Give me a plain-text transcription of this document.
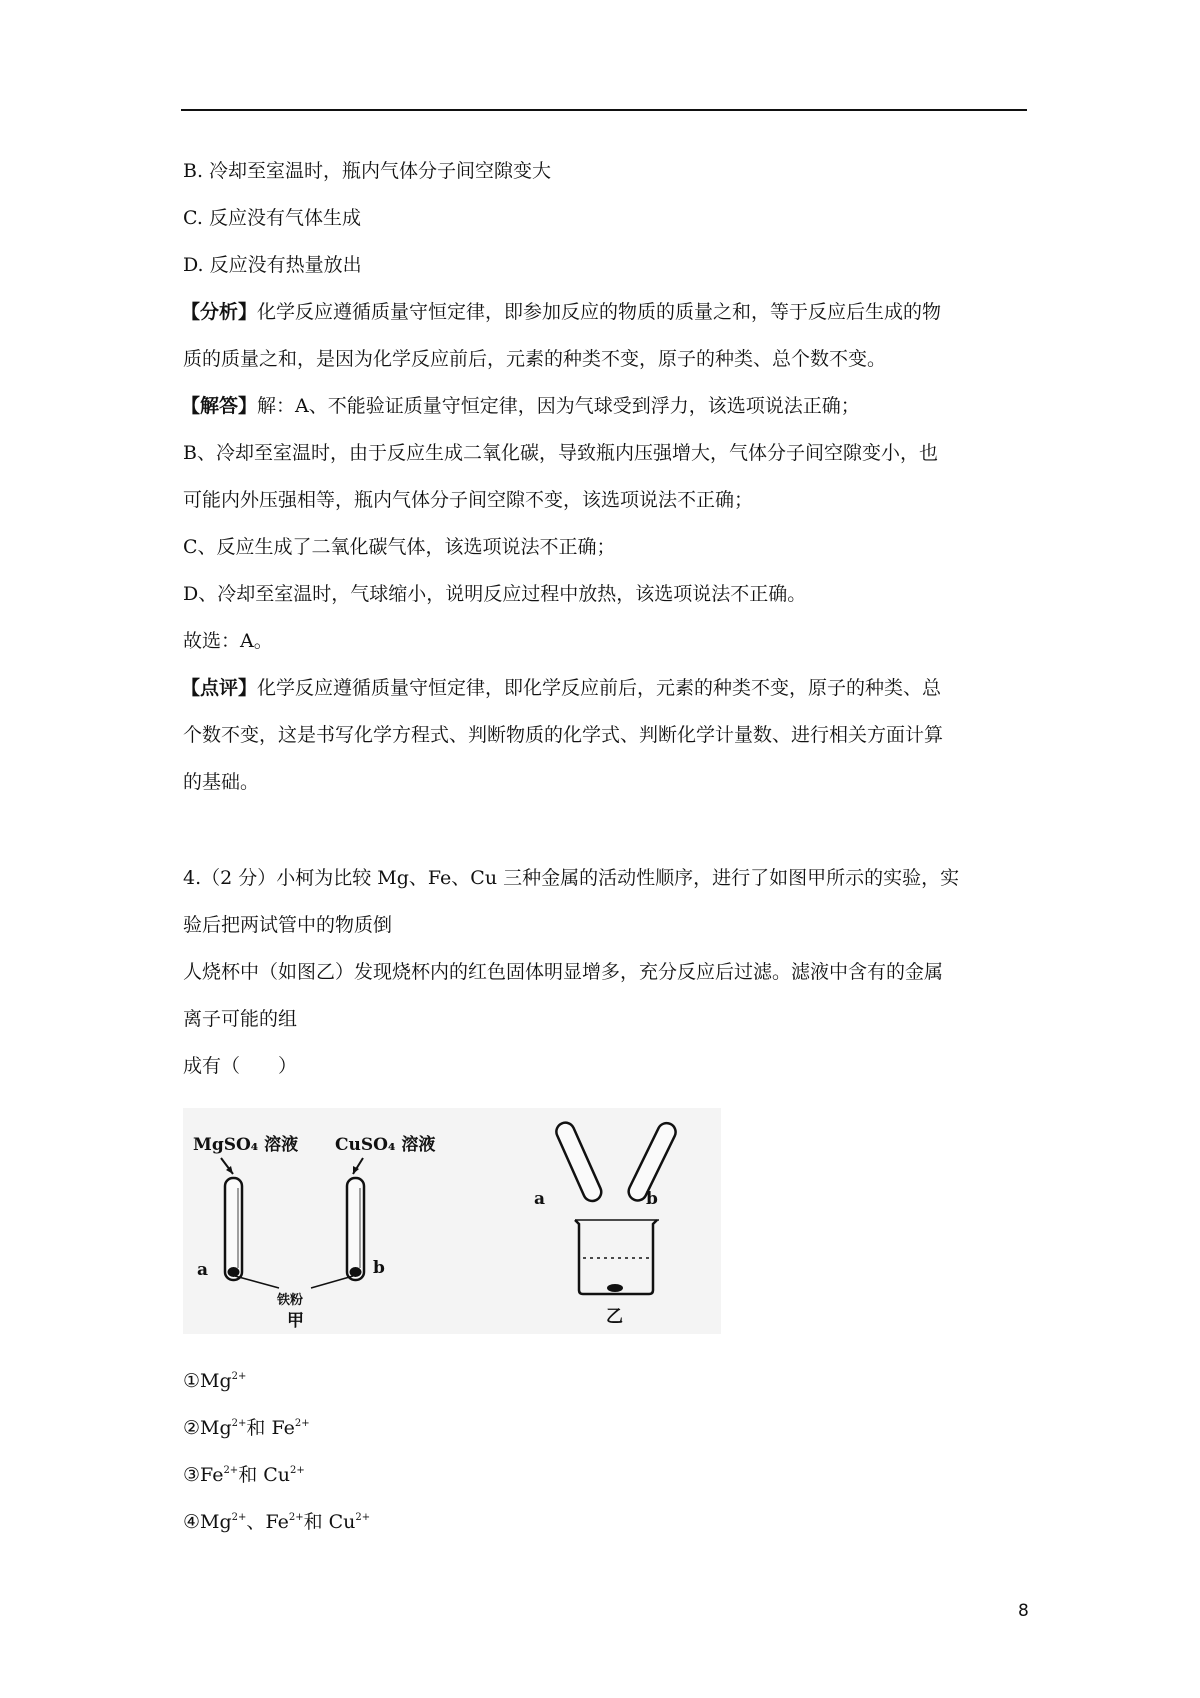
B. 冷却至室温时，瓶内气体分子间空隙变大
C. 反应没有气体生成
D. 反应没有热量放出
【分析】化学反应遵循质量守恒定律，即参加反应的物质的质量之和，等于反应后生成的物
质的质量之和，是因为化学反应前后，元素的种类不变，原子的种类、总个数不变。
【解答】解：A、不能验证质量守恒定律，因为气球受到浮力，该选项说法正确；
B、冷却至室温时，由于反应生成二氧化碳，导致瓶内压强增大，气体分子间空隙变小，也
可能内外压强相等，瓶内气体分子间空隙不变，该选项说法不正确；
C、反应生成了二氧化碳气体，该选项说法不正确；
D、冷却至室温时，气球缩小，说明反应过程中放热，该选项说法不正确。
故选：A。
【点评】化学反应遵循质量守恒定律，即化学反应前后，元素的种类不变，原子的种类、总
个数不变，这是书写化学方程式、判断物质的化学式、判断化学计量数、进行相关方面计算
的基础。
4.（2 分）小柯为比较 Mg、Fe、Cu 三种金属的活动性顺序，进行了如图甲所示的实验，实
验后把两试管中的物质倒
人烧杯中（如图乙）发现烧杯内的红色固体明显增多，充分反应后过滤。滤液中含有的金属
离子可能的组
成有（　　）
MgSO₄ 溶液 CuSO₄ 溶液
a	b
铁粉
甲
a	b
乙
$①Mg^{2+}$
$②Mg^{2+}$和 $Fe^{2+}$
$③Fe^{2+}$和 $Cu^{2+}$
$④Mg^{2+}$、$Fe^{2+}$和 $Cu^{2+}$
8
